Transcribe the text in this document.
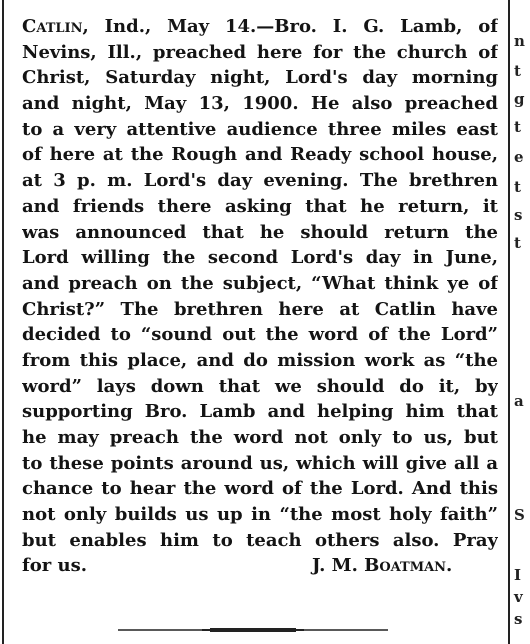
Catlin, Ind., May 14.—Bro. I. G. Lamb, of
Nevins, Ill., preached here for the church of
Christ, Saturday night, Lord's day morning
and night, May 13, 1900. He also preached
to a very attentive audience three miles east
of here at the Rough and Ready school house,
at 3 p. m. Lord's day evening. The brethren
and friends there asking that he return, it
was announced that he should return the
Lord willing the second Lord's day in June,
and preach on the subject, “What think ye of
Christ?” The brethren here at Catlin have
decided to “sound out the word of the Lord”
from this place, and do mission work as “the
word” lays down that we should do it, by
supporting Bro. Lamb and helping him that
he may preach the word not only to us, but
to these points around us, which will give all a
chance to hear the word of the Lord. And this
not only builds us up in “the most holy faith”
but enables him to teach others also. Pray
for us.	J. M. Boatman.
n
t
g
t
e
t
s
t
a
S
I
v
s
